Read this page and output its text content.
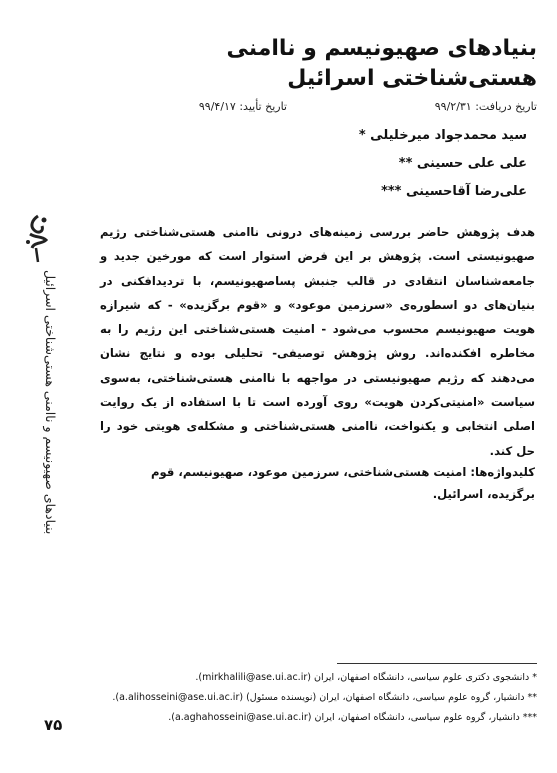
بنیادهای صهیونیسم و ناامنی هستی‌شناختی اسرائیل
تاریخ دریافت: ۹۹/۲/۳۱
تاریخ تأیید: ۹۹/۴/۱۷
سید محمدجواد میرخلیلی *
علی علی حسینی **
علی‌رضا آقاحسینی ***
هدف پژوهش حاضر بررسی زمینه‌های درونی ناامنی هستی‌شناختی رژیم صهیونیستی است. پژوهش بر این فرض استوار است که مورخین جدید و جامعه‌شناسان انتقادی در قالب جنبش پساصهیونیسم، با تردیدافکنی در بنیان‌های دو اسطوره‌ی «سرزمین موعود» و «قوم برگزیده» - که شیرازه هویت صهیونیسم محسوب می‌شود - امنیت هستی‌شناختی این رژیم را به مخاطره افکنده‌اند. روش پژوهش توصیفی- تحلیلی بوده و نتایج نشان می‌دهند که رژیم صهیونیستی در مواجهه با ناامنی هستی‌شناختی، به‌سوی سیاست «امنیتی‌کردن هویت» روی آورده است تا با استفاده از یک روایت اصلی انتخابی و یکنواخت، ناامنی هستی‌شناختی و مشکله‌ی هویتی خود را حل کند.
کلیدواژه‌ها: امنیت هستی‌شناختی، سرزمین موعود، صهیونیسم، قوم برگزیده، اسرائیل.
بنیادهای صهیونیسم و ناامنی هستی‌شناختی اسرائیل
* دانشجوی دکتری علوم سیاسی، دانشگاه اصفهان، ایران (mirkhalili@ase.ui.ac.ir).
** دانشیار، گروه علوم سیاسی، دانشگاه اصفهان، ایران (نویسنده مسئول) (a.alihosseini@ase.ui.ac.ir).
*** دانشیار، گروه علوم سیاسی، دانشگاه اصفهان، ایران (a.aghahosseini@ase.ui.ac.ir).
۷۵
